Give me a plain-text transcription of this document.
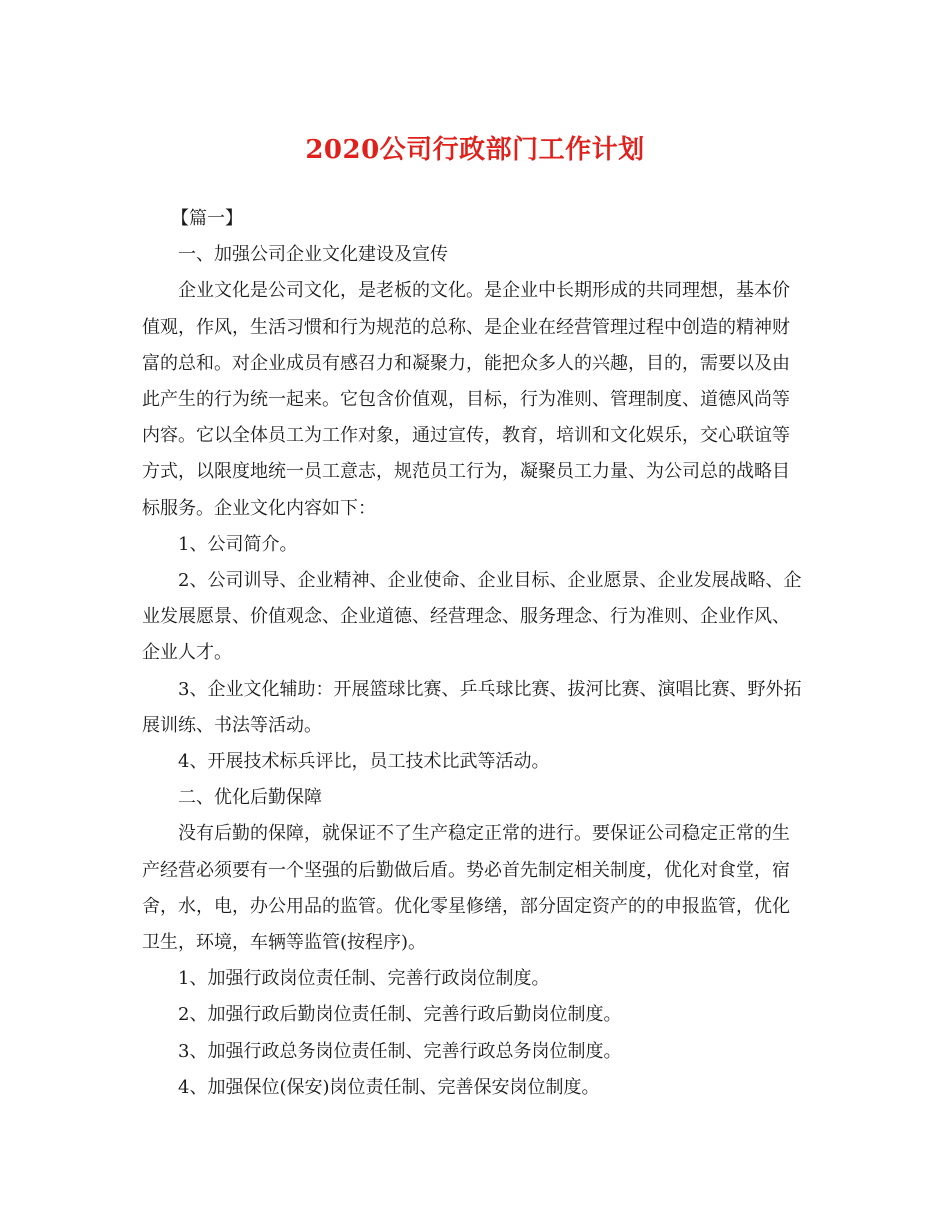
2020公司行政部门工作计划

【篇一】

一、加强公司企业文化建设及宣传

企业文化是公司文化，是老板的文化。是企业中长期形成的共同理想，基本价值观，作风，生活习惯和行为规范的总称、是企业在经营管理过程中创造的精神财富的总和。对企业成员有感召力和凝聚力，能把众多人的兴趣，目的，需要以及由此产生的行为统一起来。它包含价值观，目标，行为准则、管理制度、道德风尚等内容。它以全体员工为工作对象，通过宣传，教育，培训和文化娱乐，交心联谊等方式，以限度地统一员工意志，规范员工行为，凝聚员工力量、为公司总的战略目标服务。企业文化内容如下：

1、公司简介。

2、公司训导、企业精神、企业使命、企业目标、企业愿景、企业发展战略、企业发展愿景、价值观念、企业道德、经营理念、服务理念、行为准则、企业作风、企业人才。

3、企业文化辅助：开展篮球比赛、乒乓球比赛、拔河比赛、演唱比赛、野外拓展训练、书法等活动。

4、开展技术标兵评比，员工技术比武等活动。

二、优化后勤保障

没有后勤的保障，就保证不了生产稳定正常的进行。要保证公司稳定正常的生产经营必须要有一个坚强的后勤做后盾。势必首先制定相关制度，优化对食堂，宿舍，水，电，办公用品的监管。优化零星修缮，部分固定资产的的申报监管，优化卫生，环境，车辆等监管(按程序)。

1、加强行政岗位责任制、完善行政岗位制度。

2、加强行政后勤岗位责任制、完善行政后勤岗位制度。

3、加强行政总务岗位责任制、完善行政总务岗位制度。

4、加强保位(保安)岗位责任制、完善保安岗位制度。
